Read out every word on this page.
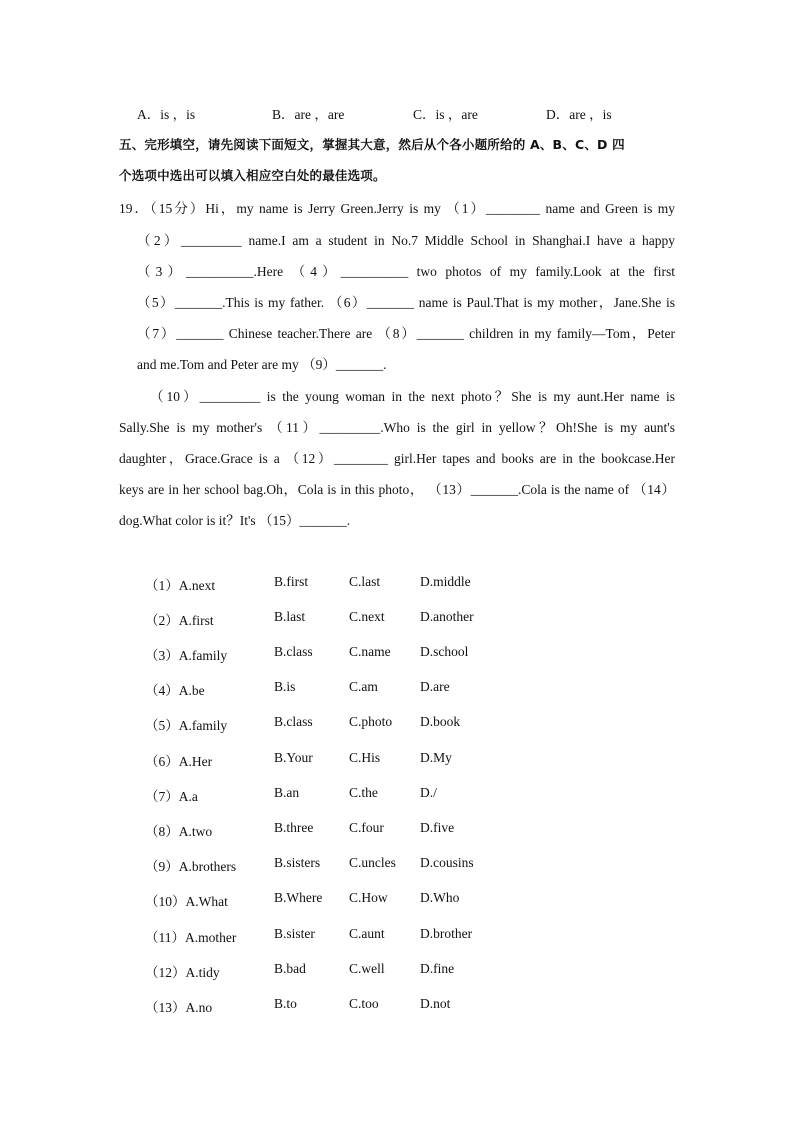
A．is ，is	B．are ，are	C．is ，are	D．are ，is
五、完形填空，请先阅读下面短文，掌握其大意，然后从个各小题所给的 A、B、C、D 四
个选项中选出可以填入相应空白处的最佳选项。
19．（15分）Hi，my name is Jerry Green.Jerry is my （1）________ name and Green is my
（2）_________ name.I am a student in No.7 Middle School in Shanghai.I have a happy
（3）__________.Here （4）__________ two photos of my family.Look at the first
（5）_______.This is my father. （6）_______ name is Paul.That is my mother，Jane.She is
（7）_______ Chinese teacher.There are （8）_______ children in my family—Tom，Peter
and me.Tom and Peter are my （9）_______.
（10）_________ is the young woman in the next photo？She is my aunt.Her name is
Sally.She is my mother's （11）_________.Who is the girl in yellow？Oh!She is my aunt's
daughter，Grace.Grace is a （12）________ girl.Her tapes and books are in the bookcase.Her
keys are in her school bag.Oh，Cola is in this photo， （13）_______.Cola is the name of （14）
dog.What color is it？It's （15）_______.
（1）A.next	B.first	C.last	D.middle
（2）A.first	B.last	C.next	D.another
（3）A.family	B.class	C.name D.school
（4）A.be	B.is	C.am	D.are
（5）A.family	B.class	C.photo D.book
（6）A.Her	B.Your	C.His	D.My
（7）A.a	B.an	C.the	D./
（8）A.two	B.three	C.four	D.five
（9）A.brothers	B.sisters C.uncles D.cousins
（10）A.What	B.Where C.How D.Who
（11）A.mother	B.sister	C.aunt	D.brother
（12）A.tidy	B.bad	C.well	D.fine
（13）A.no	B.to	C.too	D.not
